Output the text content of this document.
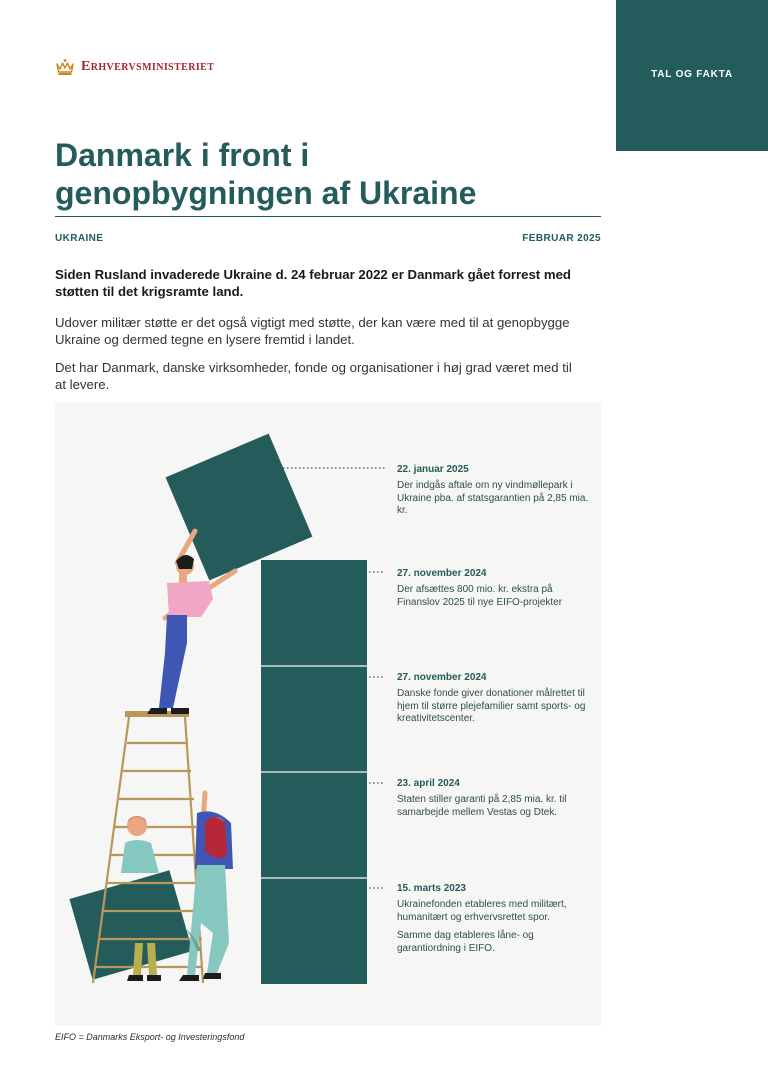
TAL OG FAKTA
Erhvervsministeriet
Danmark i front i
genopbygningen af Ukraine
UKRAINE	FEBRUAR 2025
Siden Rusland invaderede Ukraine d. 24 februar 2022 er Danmark gået forrest med støtten til det krigsramte land.
Udover militær støtte er det også vigtigt med støtte, der kan være med til at genopbygge Ukraine og dermed tegne en lysere fremtid i landet.
Det har Danmark, danske virksomheder, fonde og organisationer i høj grad været med til at levere.
22. januar 2025
Der indgås aftale om ny vindmøllepark i Ukraine pba. af statsgarantien på 2,85 mia. kr.
27. november 2024
Der afsættes 800 mio. kr. ekstra på Finanslov 2025 til nye EIFO-projekter
27. november 2024
Danske fonde giver donationer målrettet til hjem til større plejefamilier samt sports- og kreativitetscenter.
23. april 2024
Staten stiller garanti på 2,85 mia. kr. til samarbejde mellem Vestas og Dtek.
15. marts 2023
Ukrainefonden etableres med militært, humanitært og erhvervsrettet spor.
Samme dag etableres låne- og garantiordning i EIFO.
EIFO = Danmarks Eksport- og Investeringsfond
